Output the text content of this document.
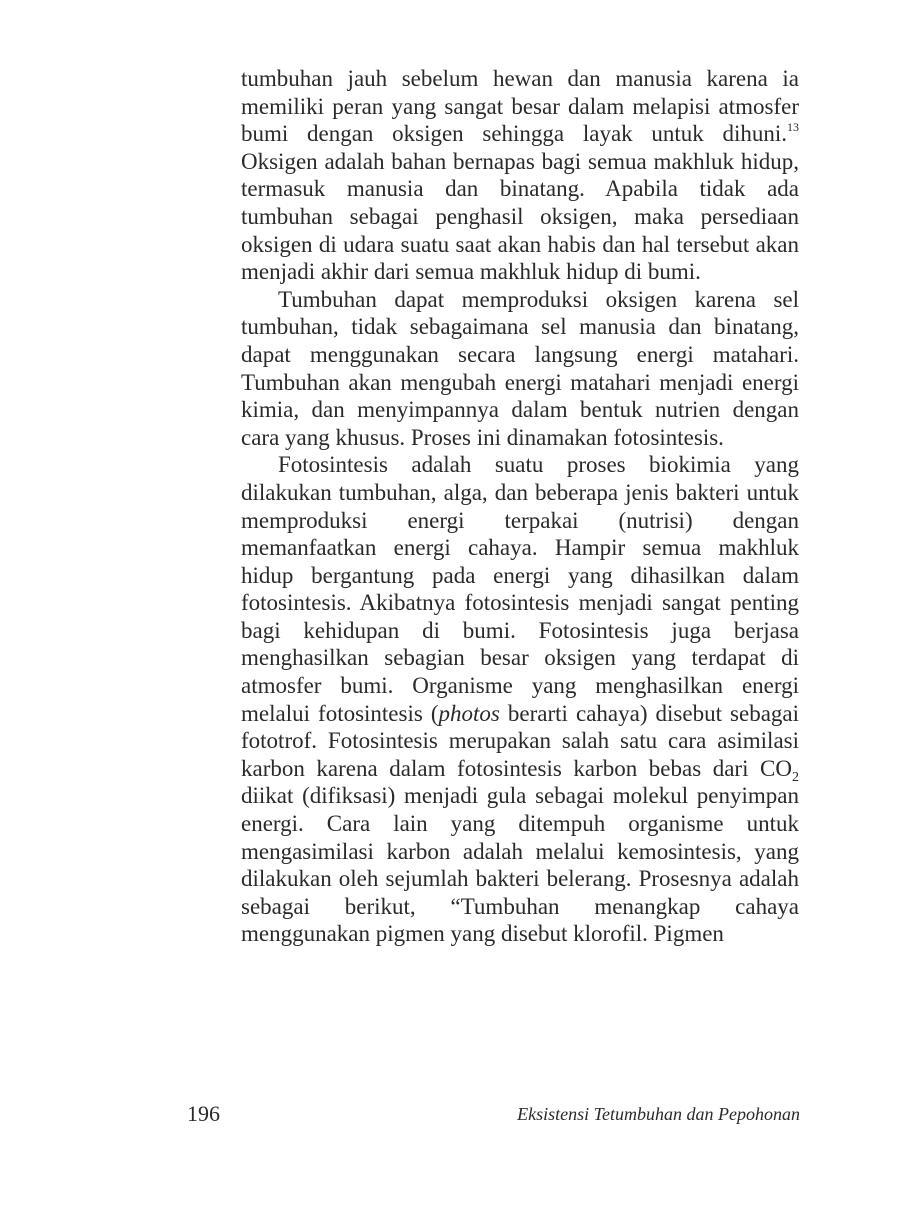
tumbuhan jauh sebelum hewan dan manusia karena ia memiliki peran yang sangat besar dalam melapisi atmosfer bumi dengan oksigen sehingga layak untuk dihuni.$^{13}$ Oksigen adalah bahan bernapas bagi semua makhluk hidup, termasuk manusia dan binatang. Apabila tidak ada tumbuhan sebagai penghasil oksigen, maka persediaan oksigen di udara suatu saat akan habis dan hal tersebut akan menjadi akhir dari semua makhluk hidup di bumi.

Tumbuhan dapat memproduksi oksigen karena sel tumbuhan, tidak sebagaimana sel manusia dan binatang, dapat menggunakan secara langsung energi matahari. Tumbuhan akan mengubah energi matahari menjadi energi kimia, dan menyimpannya dalam bentuk nutrien dengan cara yang khusus. Proses ini dinamakan fotosintesis.

Fotosintesis adalah suatu proses biokimia yang dilakukan tumbuhan, alga, dan beberapa jenis bakteri untuk memproduksi energi terpakai (nutrisi) dengan memanfaatkan energi cahaya. Hampir semua makhluk hidup bergantung pada energi yang dihasilkan dalam fotosintesis. Akibatnya fotosintesis menjadi sangat penting bagi kehidupan di bumi. Fotosintesis juga berjasa menghasilkan sebagian besar oksigen yang terdapat di atmosfer bumi. Organisme yang menghasilkan energi melalui fotosintesis (photos berarti cahaya) disebut sebagai fototrof. Fotosintesis merupakan salah satu cara asimilasi karbon karena dalam fotosintesis karbon bebas dari $CO_2$ diikat (difiksasi) menjadi gula sebagai molekul penyimpan energi. Cara lain yang ditempuh organisme untuk mengasimilasi karbon adalah melalui kemosintesis, yang dilakukan oleh sejumlah bakteri belerang. Prosesnya adalah sebagai berikut, “Tumbuhan menangkap cahaya menggunakan pigmen yang disebut klorofil. Pigmen

196	Eksistensi Tetumbuhan dan Pepohonan
